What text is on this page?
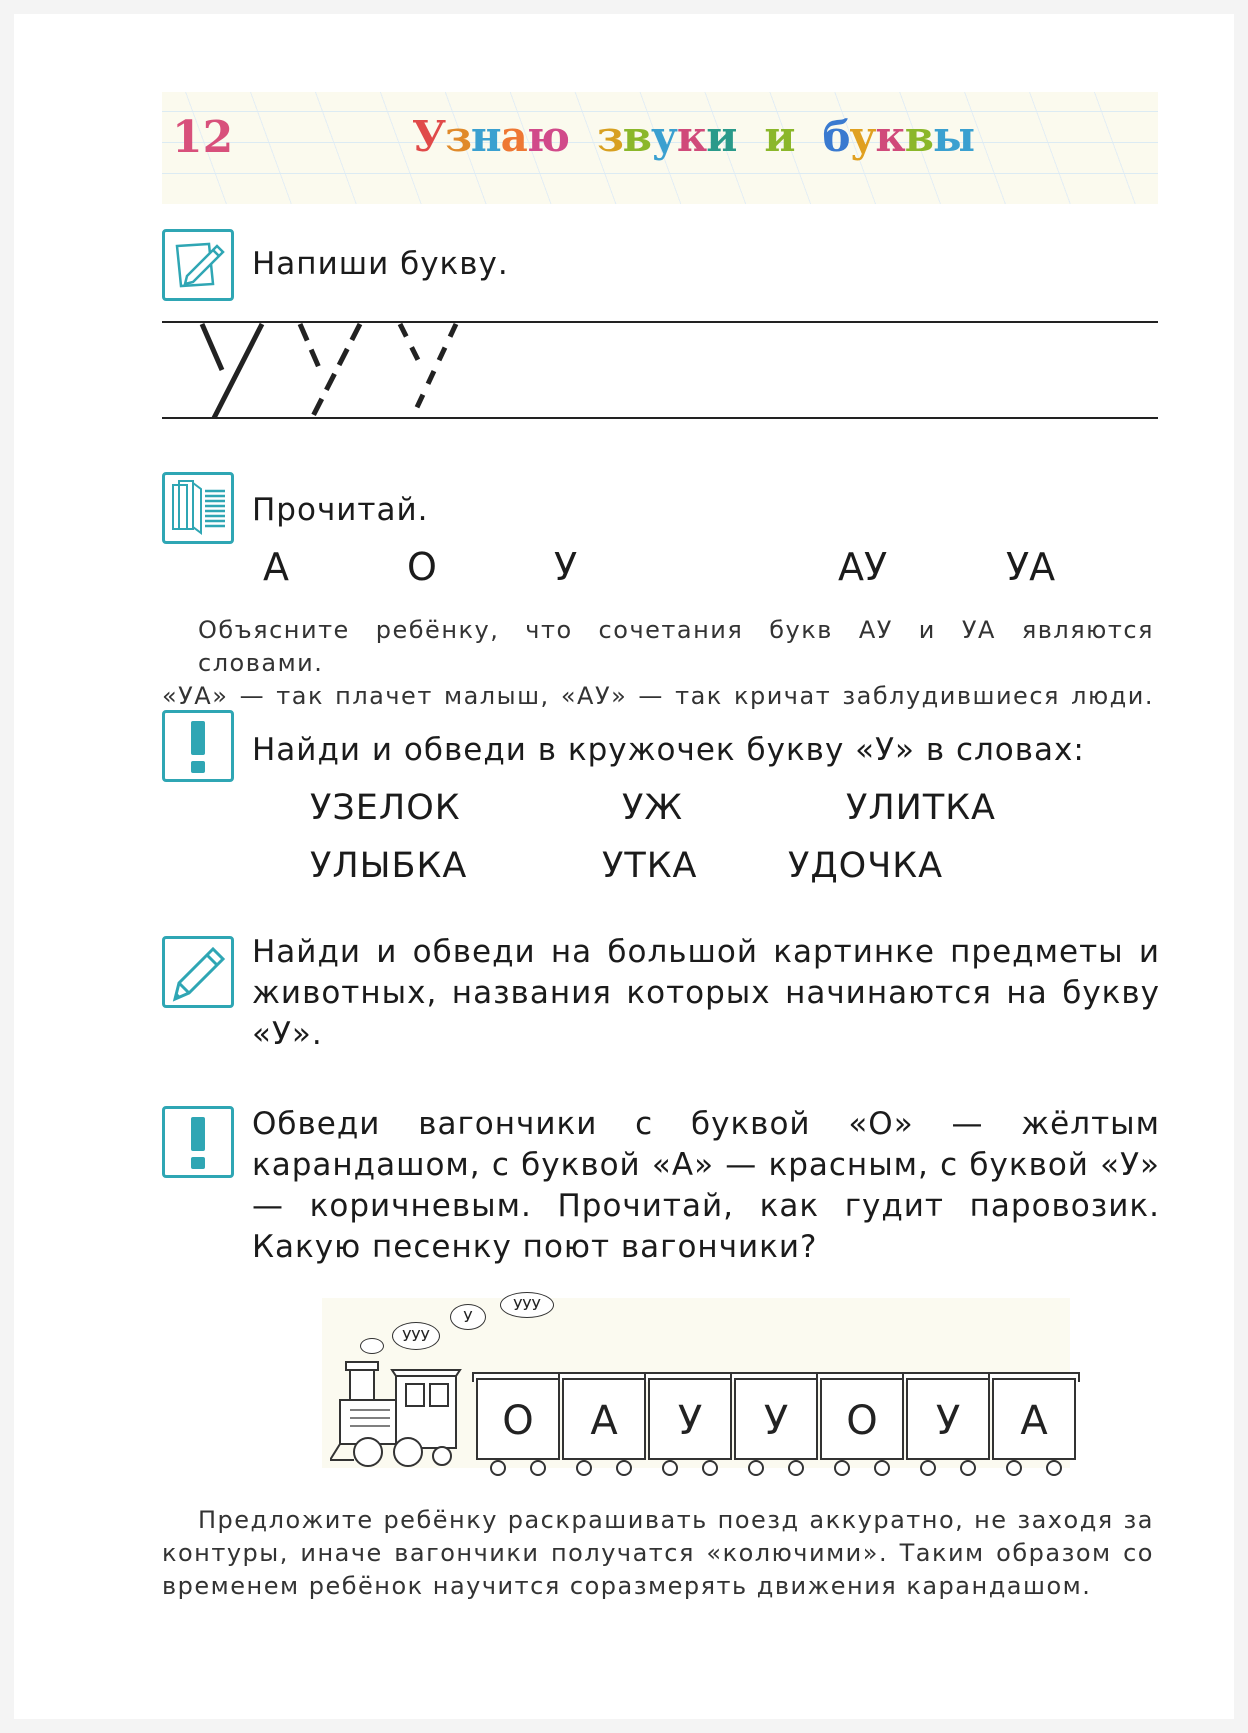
12	Узнаю звуки и буквы
Напиши букву.
Прочитай.
А	О	У	АУ	УА
Объясните ребёнку, что сочетания букв АУ и УА являются словами.
«УА» — так плачет малыш, «АУ» — так кричат заблудившиеся люди.
Найди и обведи в кружочек букву «У» в словах:
УЗЕЛОК	УЖ	УЛИТКА
УЛЫБКА	УТКА	УДОЧКА
Найди и обведи на большой картинке предметы и животных, названия которых начинаются на букву «У».
Обведи вагончики с буквой «О» — жёлтым карандашом, с буквой «А» — красным, с буквой «У» — коричневым. Прочитай, как гудит паровозик. Какую песенку поют вагончики?
УУУ
У
УУУ
О	А	У	У	О	У	А
Предложите ребёнку раскрашивать поезд аккуратно, не заходя за
контуры, иначе вагончики получатся «колючими». Таким образом со
временем ребёнок научится соразмерять движения карандашом.
